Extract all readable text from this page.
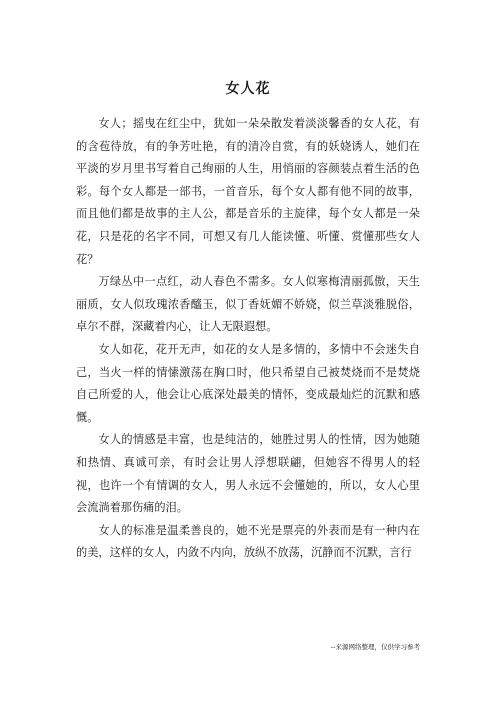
女人花

女人；摇曳在红尘中，犹如一朵朵散发着淡淡馨香的女人花，有的含苞待放，有的争芳吐艳，有的清冷自赏，有的妖娆诱人，她们在平淡的岁月里书写着自己绚丽的人生，用悄丽的容颜装点着生活的色彩。每个女人都是一部书，一首音乐，每个女人都有他不同的故事，而且他们都是故事的主人公，都是音乐的主旋律，每个女人都是一朵花，只是花的名字不同，可想又有几人能读懂、听懂、赏懂那些女人花？

万绿丛中一点红，动人春色不需多。女人似寒梅清丽孤傲，天生丽质，女人似玫瑰浓香醯玉，似丁香妩媚不娇娆，似兰草淡雅脱俗，卓尔不群，深藏着内心，让人无限遐想。

女人如花，花开无声，如花的女人是多情的，多情中不会迷失自己，当火一样的情愫激荡在胸口时，他只希望自己被焚烧而不是焚烧自己所爱的人，他会让心底深处最美的情怀，变成最灿烂的沉默和感慨。

女人的情感是丰富，也是纯洁的，她胜过男人的性情，因为她随和热情、真诚可亲，有时会让男人浮想联翩，但她容不得男人的轻视，也许一个有情调的女人，男人永远不会懂她的，所以，女人心里会流淌着那伤痛的泪。

女人的标准是温柔善良的，她不光是票亮的外表而是有一种内在的美，这样的女人，内敛不内向，放纵不放荡，沉静而不沉默，言行

--来源网络整理，仅供学习参考
